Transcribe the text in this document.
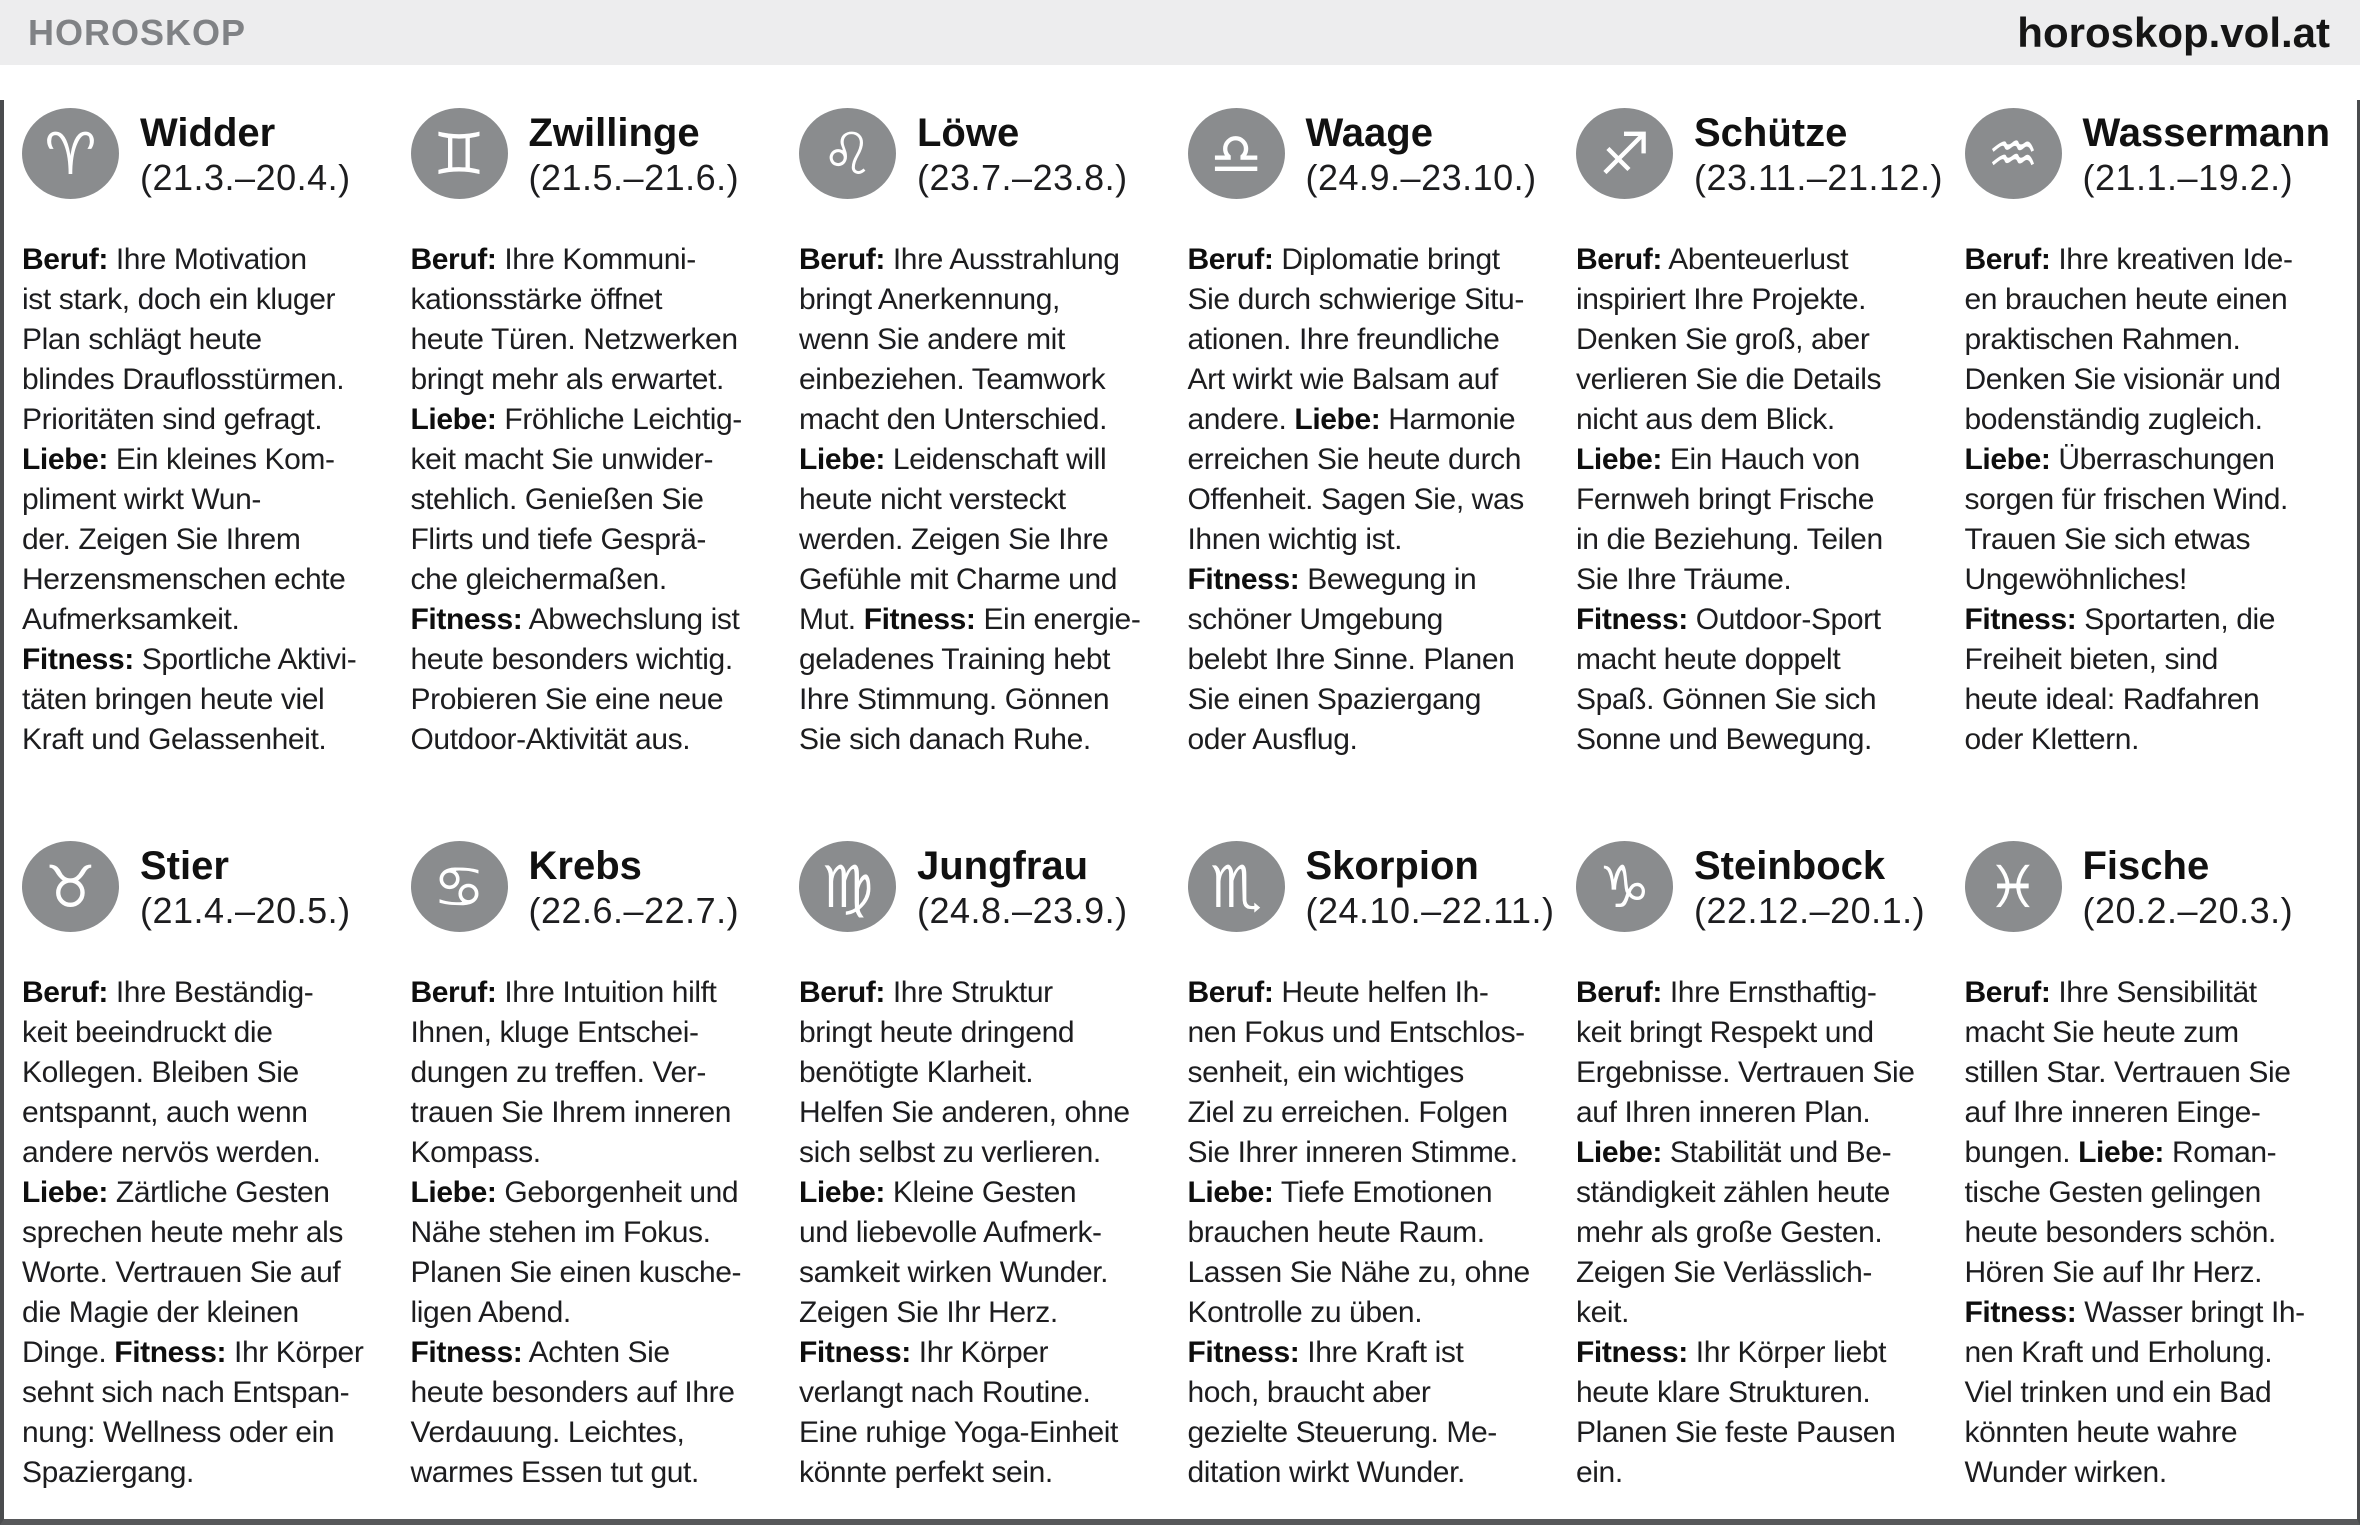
HOROSKOP	horoskop.vol.at
♈	Widder
(21.3.–20.4.)
Beruf: Ihre Motivation
ist stark, doch ein kluger
Plan schlägt heute
blindes Drauflosstürmen.
Prioritäten sind gefragt.
Liebe: Ein kleines Kom-
pliment wirkt Wun-
der. Zeigen Sie Ihrem
Herzensmenschen echte
Aufmerksamkeit.
Fitness: Sportliche Aktivi-
täten bringen heute viel
Kraft und Gelassenheit.
♊	Zwillinge
(21.5.–21.6.)
Beruf: Ihre Kommuni-
kationsstärke öffnet
heute Türen. Netzwerken
bringt mehr als erwartet.
Liebe: Fröhliche Leichtig-
keit macht Sie unwider-
stehlich. Genießen Sie
Flirts und tiefe Gesprä-
che gleichermaßen.
Fitness: Abwechslung ist
heute besonders wichtig.
Probieren Sie eine neue
Outdoor-Aktivität aus.
♌	Löwe
(23.7.–23.8.)
Beruf: Ihre Ausstrahlung
bringt Anerkennung,
wenn Sie andere mit
einbeziehen. Teamwork
macht den Unterschied.
Liebe: Leidenschaft will
heute nicht versteckt
werden. Zeigen Sie Ihre
Gefühle mit Charme und
Mut. Fitness: Ein energie-
geladenes Training hebt
Ihre Stimmung. Gönnen
Sie sich danach Ruhe.
♎	Waage
(24.9.–23.10.)
Beruf: Diplomatie bringt
Sie durch schwierige Situ-
ationen. Ihre freundliche
Art wirkt wie Balsam auf
andere. Liebe: Harmonie
erreichen Sie heute durch
Offenheit. Sagen Sie, was
Ihnen wichtig ist.
Fitness: Bewegung in
schöner Umgebung
belebt Ihre Sinne. Planen
Sie einen Spaziergang
oder Ausflug.
♐	Schütze
(23.11.–21.12.)
Beruf: Abenteuerlust
inspiriert Ihre Projekte.
Denken Sie groß, aber
verlieren Sie die Details
nicht aus dem Blick.
Liebe: Ein Hauch von
Fernweh bringt Frische
in die Beziehung. Teilen
Sie Ihre Träume.
Fitness: Outdoor-Sport
macht heute doppelt
Spaß. Gönnen Sie sich
Sonne und Bewegung.
♒	Wassermann
(21.1.–19.2.)
Beruf: Ihre kreativen Ide-
en brauchen heute einen
praktischen Rahmen.
Denken Sie visionär und
bodenständig zugleich.
Liebe: Überraschungen
sorgen für frischen Wind.
Trauen Sie sich etwas
Ungewöhnliches!
Fitness: Sportarten, die
Freiheit bieten, sind
heute ideal: Radfahren
oder Klettern.
♉	Stier
(21.4.–20.5.)
Beruf: Ihre Beständig-
keit beeindruckt die
Kollegen. Bleiben Sie
entspannt, auch wenn
andere nervös werden.
Liebe: Zärtliche Gesten
sprechen heute mehr als
Worte. Vertrauen Sie auf
die Magie der kleinen
Dinge. Fitness: Ihr Körper
sehnt sich nach Entspan-
nung: Wellness oder ein
Spaziergang.
♋	Krebs
(22.6.–22.7.)
Beruf: Ihre Intuition hilft
Ihnen, kluge Entschei-
dungen zu treffen. Ver-
trauen Sie Ihrem inneren
Kompass.
Liebe: Geborgenheit und
Nähe stehen im Fokus.
Planen Sie einen kusche-
ligen Abend.
Fitness: Achten Sie
heute besonders auf Ihre
Verdauung. Leichtes,
warmes Essen tut gut.
♍	Jungfrau
(24.8.–23.9.)
Beruf: Ihre Struktur
bringt heute dringend
benötigte Klarheit.
Helfen Sie anderen, ohne
sich selbst zu verlieren.
Liebe: Kleine Gesten
und liebevolle Aufmerk-
samkeit wirken Wunder.
Zeigen Sie Ihr Herz.
Fitness: Ihr Körper
verlangt nach Routine.
Eine ruhige Yoga-Einheit
könnte perfekt sein.
♏	Skorpion
(24.10.–22.11.)
Beruf: Heute helfen Ih-
nen Fokus und Entschlos-
senheit, ein wichtiges
Ziel zu erreichen. Folgen
Sie Ihrer inneren Stimme.
Liebe: Tiefe Emotionen
brauchen heute Raum.
Lassen Sie Nähe zu, ohne
Kontrolle zu üben.
Fitness: Ihre Kraft ist
hoch, braucht aber
gezielte Steuerung. Me-
ditation wirkt Wunder.
♑	Steinbock
(22.12.–20.1.)
Beruf: Ihre Ernsthaftig-
keit bringt Respekt und
Ergebnisse. Vertrauen Sie
auf Ihren inneren Plan.
Liebe: Stabilität und Be-
ständigkeit zählen heute
mehr als große Gesten.
Zeigen Sie Verlässlich-
keit.
Fitness: Ihr Körper liebt
heute klare Strukturen.
Planen Sie feste Pausen
ein.
♓	Fische
(20.2.–20.3.)
Beruf: Ihre Sensibilität
macht Sie heute zum
stillen Star. Vertrauen Sie
auf Ihre inneren Einge-
bungen. Liebe: Roman-
tische Gesten gelingen
heute besonders schön.
Hören Sie auf Ihr Herz.
Fitness: Wasser bringt Ih-
nen Kraft und Erholung.
Viel trinken und ein Bad
könnten heute wahre
Wunder wirken.
